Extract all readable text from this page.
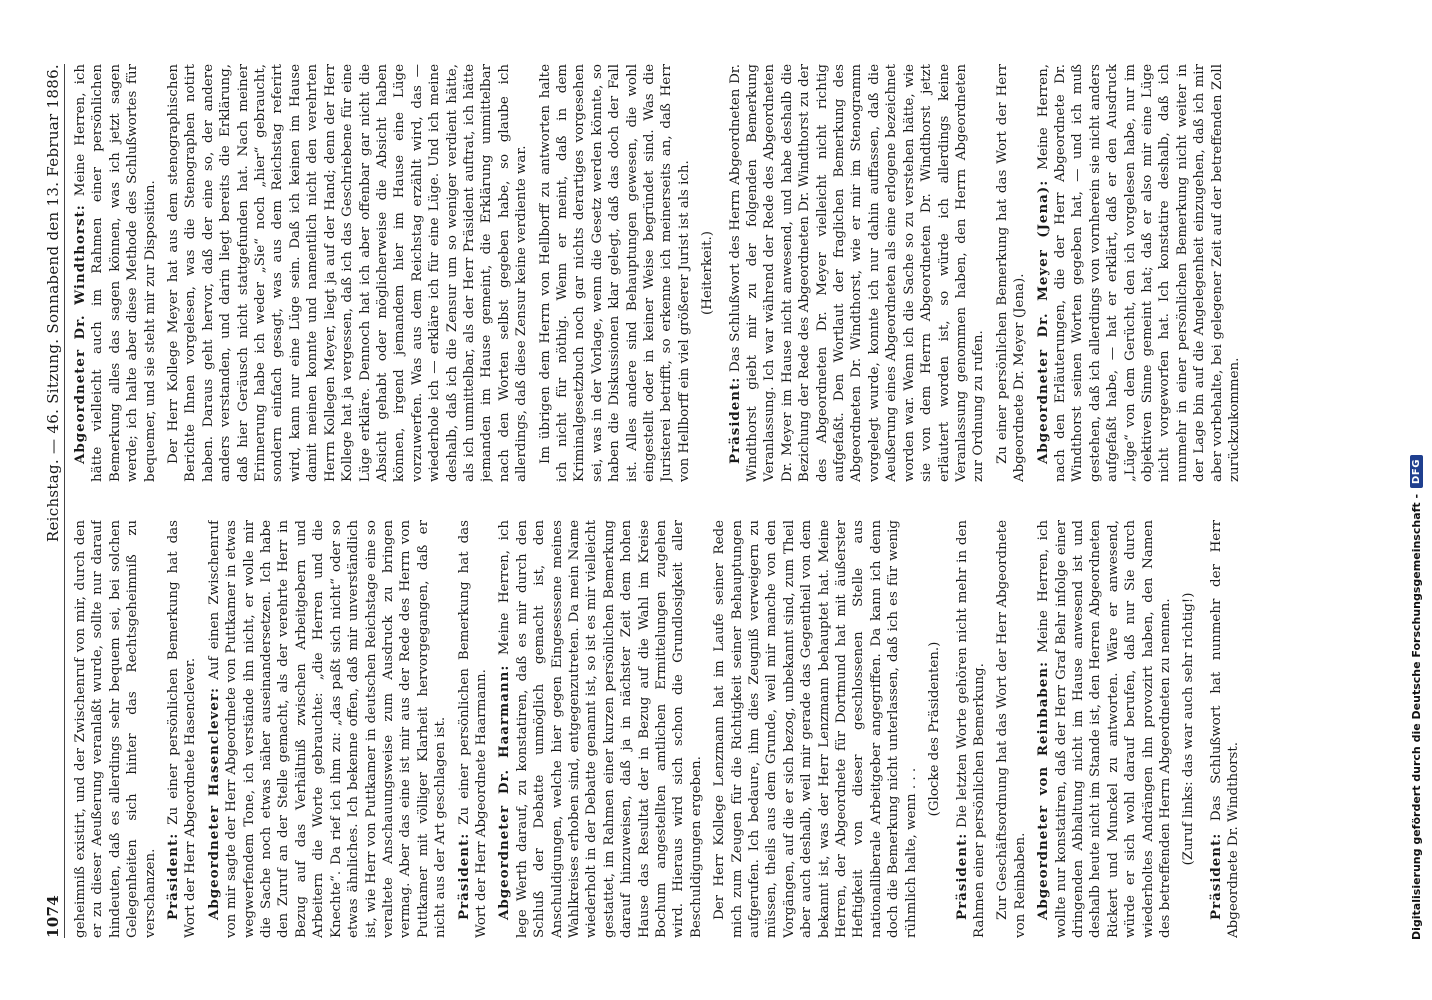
1074
Reichstag. — 46. Sitzung. Sonnabend den 13. Februar 1886.

geheimniß existirt, und der Zwischenruf von mir, durch den er zu dieser Aeußerung veranlaßt wurde, sollte nur darauf hindeuten, daß es allerdings sehr bequem sei, bei solchen Gelegenheiten sich hinter das Rechtsgeheimniß zu verschanzen. Präsident: Zu einer persönlichen Bemerkung hat das Wort der Herr Abgeordnete Hasenclever. Abgeordneter Hasenclever: Auf einen Zwischenruf von mir sagte der Herr Abgeordnete von Puttkamer in etwas wegwerfendem Tone, ich verstände ihn nicht, er wolle mir die Sache noch etwas näher auseinandersetzen. Ich habe den Zuruf an der Stelle gemacht, als der verehrte Herr in Bezug auf das Verhältniß zwischen Arbeitgebern und Arbeitern die Worte gebrauchte: „die Herren und die Knechte“. Da rief ich ihm zu: „das paßt sich nicht“ oder so etwas ähnliches. Ich bekenne offen, daß mir unverständlich ist, wie Herr von Puttkamer in deutschen Reichstage eine so veraltete Anschauungsweise zum Ausdruck zu bringen vermag. Aber das eine ist mir aus der Rede des Herrn von Puttkamer mit völliger Klarheit hervorgegangen, daß er nicht aus der Art geschlagen ist. Präsident: Zu einer persönlichen Bemerkung hat das Wort der Herr Abgeordnete Haarmann. Abgeordneter Dr. Haarmann: Meine Herren, ich lege Werth darauf, zu konstatiren, daß es mir durch den Schluß der Debatte unmöglich gemacht ist, den Anschuldigungen, welche hier gegen Eingesessene meines Wahlkreises erhoben sind, entgegenzutreten. Da mein Name wiederholt in der Debatte genannt ist, so ist es mir vielleicht gestattet, im Rahmen einer kurzen persönlichen Bemerkung darauf hinzuweisen, daß ja in nächster Zeit dem hohen Hause das Resultat der in Bezug auf die Wahl im Kreise Bochum angestellten amtlichen Ermittelungen zugehen wird. Hieraus wird sich schon die Grundlosigkeit aller Beschuldigungen ergeben. Der Herr Kollege Lenzmann hat im Laufe seiner Rede mich zum Zeugen für die Richtigkeit seiner Behauptungen aufgerufen. Ich bedaure, ihm dies Zeugniß verweigern zu müssen, theils aus dem Grunde, weil mir manche von den Vorgängen, auf die er sich bezog, unbekannt sind, zum Theil aber auch deshalb, weil mir gerade das Gegentheil von dem bekannt ist, was der Herr Lenzmann behauptet hat. Meine Herren, der Abgeordnete für Dortmund hat mit äußerster Heftigkeit von dieser geschlossenen Stelle aus nationalliberale Arbeitgeber angegriffen. Da kann ich denn doch die Bemerkung nicht unterlassen, daß ich es für wenig rühmlich halte, wenn . . .

(Glocke des Präsidenten.)

Präsident: Die letzten Worte gehören nicht mehr in den Rahmen einer persönlichen Bemerkung. Zur Geschäftsordnung hat das Wort der Herr Abgeordnete von Reinbaben. Abgeordneter von Reinbaben: Meine Herren, ich wollte nur konstatiren, daß der Herr Graf Behr infolge einer dringenden Abhaltung nicht im Hause anwesend ist und deshalb heute nicht im Stande ist, den Herren Abgeordneten Rickert und Munckel zu antworten. Wäre er anwesend, würde er sich wohl darauf berufen, daß nur Sie durch wiederholtes Andrängen ihn provozirt haben, den Namen des betreffenden Herrn Abgeordneten zu nennen. (Zuruf links: das war auch sehr richtig!)

Präsident: Das Schlußwort hat nunmehr der Herr Abgeordnete Dr. Windthorst.

Abgeordneter Dr. Windthorst: Meine Herren, ich hätte vielleicht auch im Rahmen einer persönlichen Bemerkung alles das sagen können, was ich jetzt sagen werde; ich halte aber diese Methode des Schlußwortes für bequemer, und sie steht mir zur Disposition. Der Herr Kollege Meyer hat aus dem stenographischen Berichte Ihnen vorgelesen, was die Stenographen notirt haben. Daraus geht hervor, daß der eine so, der andere anders verstanden, und darin liegt bereits die Erklärung, daß hier Geräusch nicht stattgefunden hat. Nach meiner Erinnerung habe ich weder „Sie“ noch „hier“ gebraucht, sondern einfach gesagt, was aus dem Reichstag referirt wird, kann nur eine Lüge sein. Daß ich keinen im Hause damit meinen konnte und namentlich nicht den verehrten Herrn Kollegen Meyer, liegt ja auf der Hand; denn der Herr Kollege hat ja vergessen, daß ich das Geschriebene für eine Lüge erkläre. Dennoch hat ich aber offenbar gar nicht die Absicht gehabt oder möglicherweise die Absicht haben können, irgend jemandem hier im Hause eine Lüge vorzuwerfen. Was aus dem Reichstag erzählt wird, das — wiederhole ich — erkläre ich für eine Lüge. Und ich meine deshalb, daß ich die Zensur um so weniger verdient hätte, als ich unmittelbar, als der Herr Präsident auftrat, ich hätte jemanden im Hause gemeint, die Erklärung unmittelbar nach den Worten selbst gegeben habe, so glaube ich allerdings, daß diese Zensur keine verdiente war. Im übrigen dem Herrn von Hellborff zu antworten halte ich nicht für nöthig. Wenn er meint, daß in dem Kriminalgesetzbuch noch gar nichts derartiges vorgesehen sei, was in der Vorlage, wenn die Gesetz werden könnte, so haben die Diskussionen klar gelegt, daß das doch der Fall ist. Alles andere sind Behauptungen gewesen, die wohl eingestellt oder in keiner Weise begründet sind. Was die Juristerei betrifft, so erkenne ich meinerseits an, daß Herr von Hellborff ein viel größerer Jurist ist als ich. (Heiterkeit.)

Präsident: Das Schlußwort des Herrn Abgeordneten Dr. Windthorst giebt mir zu der folgenden Bemerkung Veranlassung. Ich war während der Rede des Abgeordneten Dr. Meyer im Hause nicht anwesend, und habe deshalb die Bezichung der Rede des Abgeordneten Dr. Windthorst zu der des Abgeordneten Dr. Meyer vielleicht nicht richtig aufgefaßt. Den Wortlaut der fraglichen Bemerkung des Abgeordneten Dr. Windthorst, wie er mir im Stenogramm vorgelegt wurde, konnte ich nur dahin auffassen, daß die Aeußerung eines Abgeordneten als eine erlogene bezeichnet worden war. Wenn ich die Sache so zu verstehen hätte, wie sie von dem Herrn Abgeordneten Dr. Windthorst jetzt erläutert worden ist, so würde ich allerdings keine Veranlassung genommen haben, den Herrn Abgeordneten zur Ordnung zu rufen. Zu einer persönlichen Bemerkung hat das Wort der Herr Abgeordnete Dr. Meyer (Jena). Abgeordneter Dr. Meyer (Jena): Meine Herren, nach den Erläuterungen, die der Herr Abgeordnete Dr. Windthorst seinen Worten gegeben hat, — und ich muß gestehen, daß ich allerdings von vornherein sie nicht anders aufgefaßt habe, — hat er erklärt, daß er den Ausdruck „Lüge“ von dem Gerücht, den ich vorgelesen habe, nur im objektiven Sinne gemeint hat; daß er also mir eine Lüge nicht vorgeworfen hat. Ich konstatire deshalb, daß ich nunmehr in einer persönlichen Bemerkung nicht weiter in der Lage bin auf die Angelegenheit einzugehen, daß ich mir aber vorbehalte, bei gelegener Zeit auf der betreffenden Zoll zurückzukommen.

Digitalisierung gefördert durch die Deutsche Forschungsgemeinschaft -
DFG
